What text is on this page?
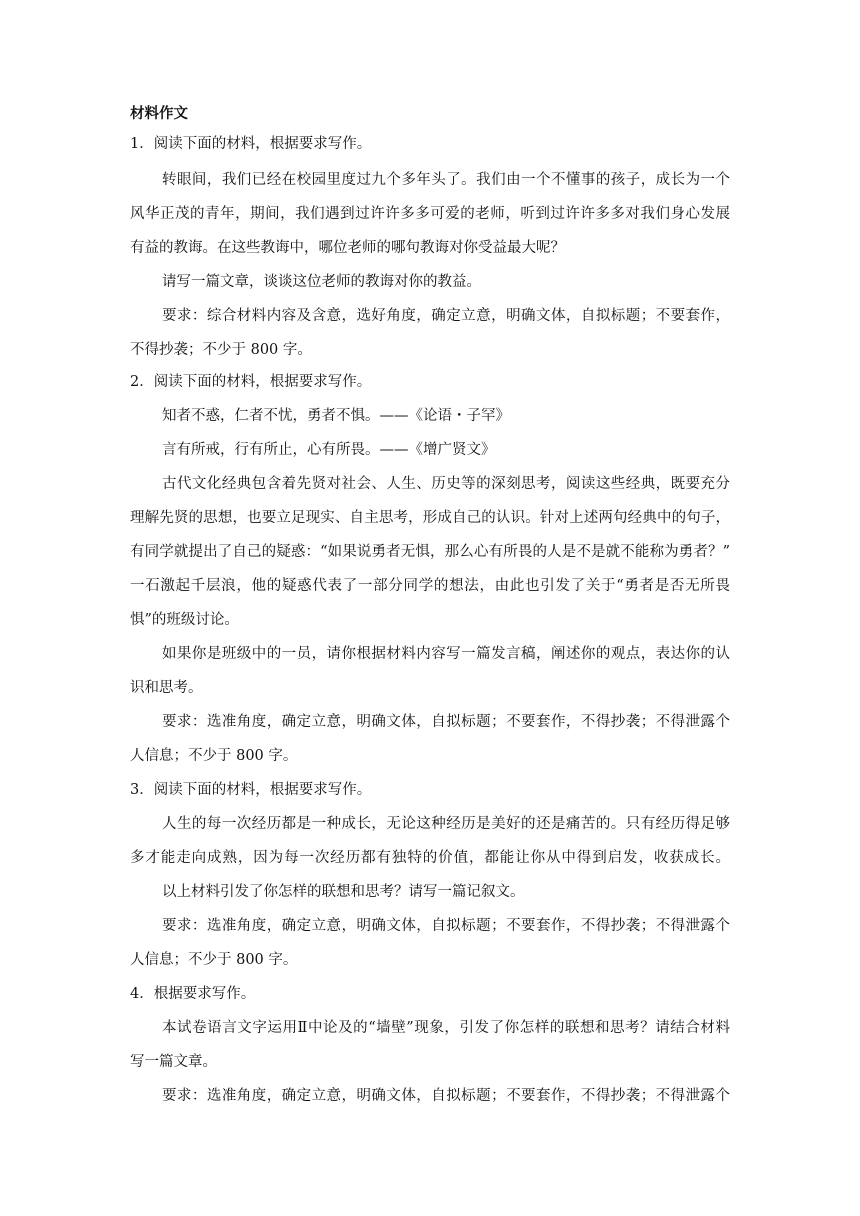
材料作文
1．阅读下面的材料，根据要求写作。
转眼间，我们已经在校园里度过九个多年头了。我们由一个不懂事的孩子，成长为一个
风华正茂的青年，期间，我们遇到过许许多多可爱的老师，听到过许许多多对我们身心发展
有益的教诲。在这些教诲中，哪位老师的哪句教诲对你受益最大呢？
请写一篇文章，谈谈这位老师的教诲对你的教益。
要求：综合材料内容及含意，选好角度，确定立意，明确文体，自拟标题；不要套作，
不得抄袭；不少于 800 字。
2．阅读下面的材料，根据要求写作。
知者不惑，仁者不忧，勇者不惧。——《论语・子罕》
言有所戒，行有所止，心有所畏。——《增广贤文》
古代文化经典包含着先贤对社会、人生、历史等的深刻思考，阅读这些经典，既要充分
理解先贤的思想，也要立足现实、自主思考，形成自己的认识。针对上述两句经典中的句子，
有同学就提出了自己的疑惑：“如果说勇者无惧，那么心有所畏的人是不是就不能称为勇者？”
一石激起千层浪，他的疑惑代表了一部分同学的想法，由此也引发了关于“勇者是否无所畏
惧”的班级讨论。
如果你是班级中的一员，请你根据材料内容写一篇发言稿，阐述你的观点，表达你的认
识和思考。
要求：选准角度，确定立意，明确文体，自拟标题；不要套作，不得抄袭；不得泄露个
人信息；不少于 800 字。
3．阅读下面的材料，根据要求写作。
人生的每一次经历都是一种成长，无论这种经历是美好的还是痛苦的。只有经历得足够
多才能走向成熟，因为每一次经历都有独特的价值，都能让你从中得到启发，收获成长。
以上材料引发了你怎样的联想和思考？请写一篇记叙文。
要求：选准角度，确定立意，明确文体，自拟标题；不要套作，不得抄袭；不得泄露个
人信息；不少于 800 字。
4．根据要求写作。
本试卷语言文字运用Ⅱ中论及的“墙壁”现象，引发了你怎样的联想和思考？请结合材料
写一篇文章。
要求：选准角度，确定立意，明确文体，自拟标题；不要套作，不得抄袭；不得泄露个
